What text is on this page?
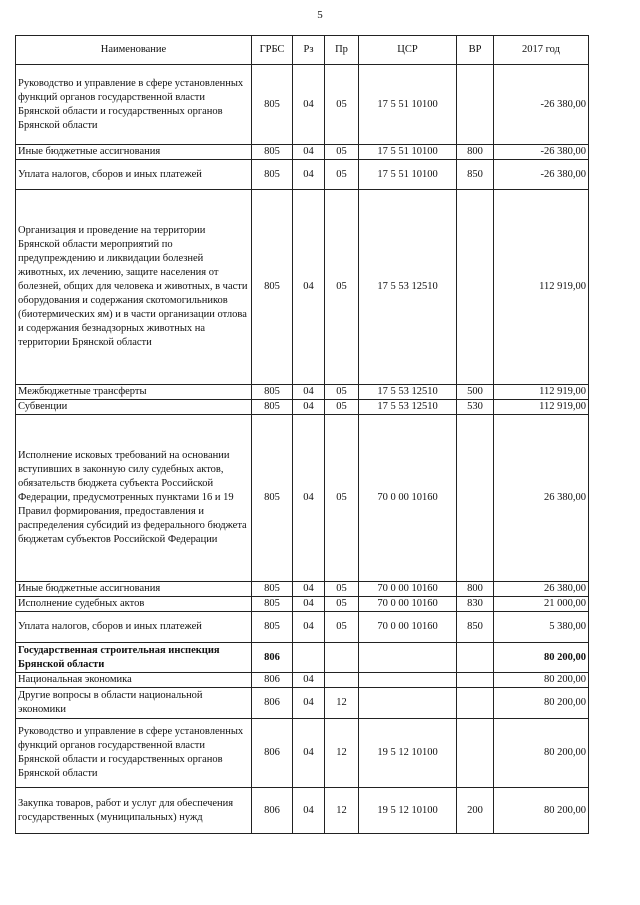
5
Наименование	ГРБС	Рз	Пр	ЦСР	ВР	2017 год
Руководство и управление в сфере установленных функций органов государственной власти Брянской области и государственных органов Брянской области	805	04	05	17 5 51 10100		-26 380,00
Иные бюджетные ассигнования	805	04	05	17 5 51 10100	800	-26 380,00
Уплата налогов, сборов и иных платежей	805	04	05	17 5 51 10100	850	-26 380,00
Организация и проведение на территории Брянской области мероприятий по предупреждению и ликвидации болезней животных, их лечению, защите населения от болезней, общих для человека и животных, в части оборудования и содержания скотомогильников (биотермических ям) и в части организации отлова и содержания безнадзорных животных на территории Брянской области	805	04	05	17 5 53 12510		112 919,00
Межбюджетные трансферты	805	04	05	17 5 53 12510	500	112 919,00
Субвенции	805	04	05	17 5 53 12510	530	112 919,00
Исполнение исковых требований на основании вступивших в законную силу судебных актов, обязательств бюджета субъекта Российской Федерации, предусмотренных пунктами 16 и 19 Правил формирования, предоставления и распределения субсидий из федерального бюджета бюджетам субъектов Российской Федерации	805	04	05	70 0 00 10160		26 380,00
Иные бюджетные ассигнования	805	04	05	70 0 00 10160	800	26 380,00
Исполнение судебных актов	805	04	05	70 0 00 10160	830	21 000,00
Уплата налогов, сборов и иных платежей	805	04	05	70 0 00 10160	850	5 380,00
Государственная строительная инспекция Брянской области	806					80 200,00
Национальная экономика	806	04				80 200,00
Другие вопросы в области национальной экономики	806	04	12			80 200,00
Руководство и управление в сфере установленных функций органов государственной власти Брянской области и государственных органов Брянской области	806	04	12	19 5 12 10100		80 200,00
Закупка товаров, работ и услуг для обеспечения государственных (муниципальных) нужд	806	04	12	19 5 12 10100	200	80 200,00
